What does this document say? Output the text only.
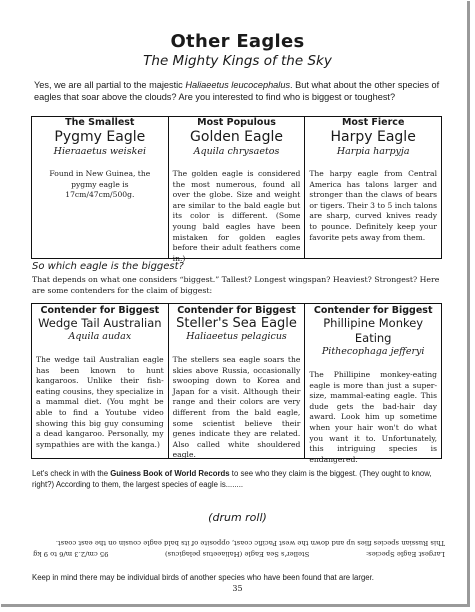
Other Eagles
The Mighty Kings of the Sky
Yes, we are all partial to the majestic Haliaeetus leucocephalus. But what about the other species of eagles that soar above the clouds? Are you interested to find who is biggest or toughest?
The Smallest
Pygmy Eagle
Hieraaetus weiskei
Found in New Guinea, the pygmy eagle is 17cm/47cm/500g.
Most Populous
Golden Eagle
Aquila chrysaetos
The golden eagle is considered the most numerous, found all over the globe. Size and weight are similar to the bald eagle but its color is different. (Some young bald eagles have been mistaken for golden eagles before their adult feathers come in.)
Most Fierce
Harpy Eagle
Harpia harpyja
The harpy eagle from Central America has talons larger and stronger than the claws of bears or tigers. Their 3 to 5 inch talons are sharp, curved knives ready to pounce. Definitely keep your favorite pets away from them.
So which eagle is the biggest?
That depends on what one considers “biggest.” Tallest? Longest wingspan? Heaviest? Strongest? Here are some contenders for the claim of biggest:
Contender for Biggest
Wedge Tail Australian
Aquila audax
The wedge tail Australian eagle has been known to hunt kangaroos. Unlike their fish-eating cousins, they specialize in a mammal diet. (You mght be able to find a Youtube video showing this big guy consuming a dead kangaroo. Personally, my sympathies are with the kanga.)
Contender for Biggest
Steller's Sea Eagle
Haliaeetus pelagicus
The stellers sea eagle soars the skies above Russia, occasionally swooping down to Korea and Japan for a visit. Although their range and their colors are very different from the bald eagle, some scientist believe their genes indicate they are related. Also called white shouldered eagle.
Contender for Biggest
Phillipine Monkey Eating
Pithecophaga jefferyi
The Phillipine monkey-eating eagle is more than just a super-size, mammal-eating eagle. This dude gets the bad-hair day award. Look him up sometime when your hair won't do what you want it to. Unfortunately, this intriguing species is endangered.
Let's check in with the Guiness Book of World Records to see who they claim is the biggest. (They ought to know, right?) According to them, the largest species of eagle is........
(drum roll)
Largest Eagle Species:
Steller's Sea Eagle (Haliaeetus pelagicus)
95 cm/2.3 m/6 to 9 kg
This Russian species flies up and down the west Pacific coast, opposite of its bald eagle cousin on the east coast.
Keep in mind there may be individual birds of another species who have been found that are larger.
35
